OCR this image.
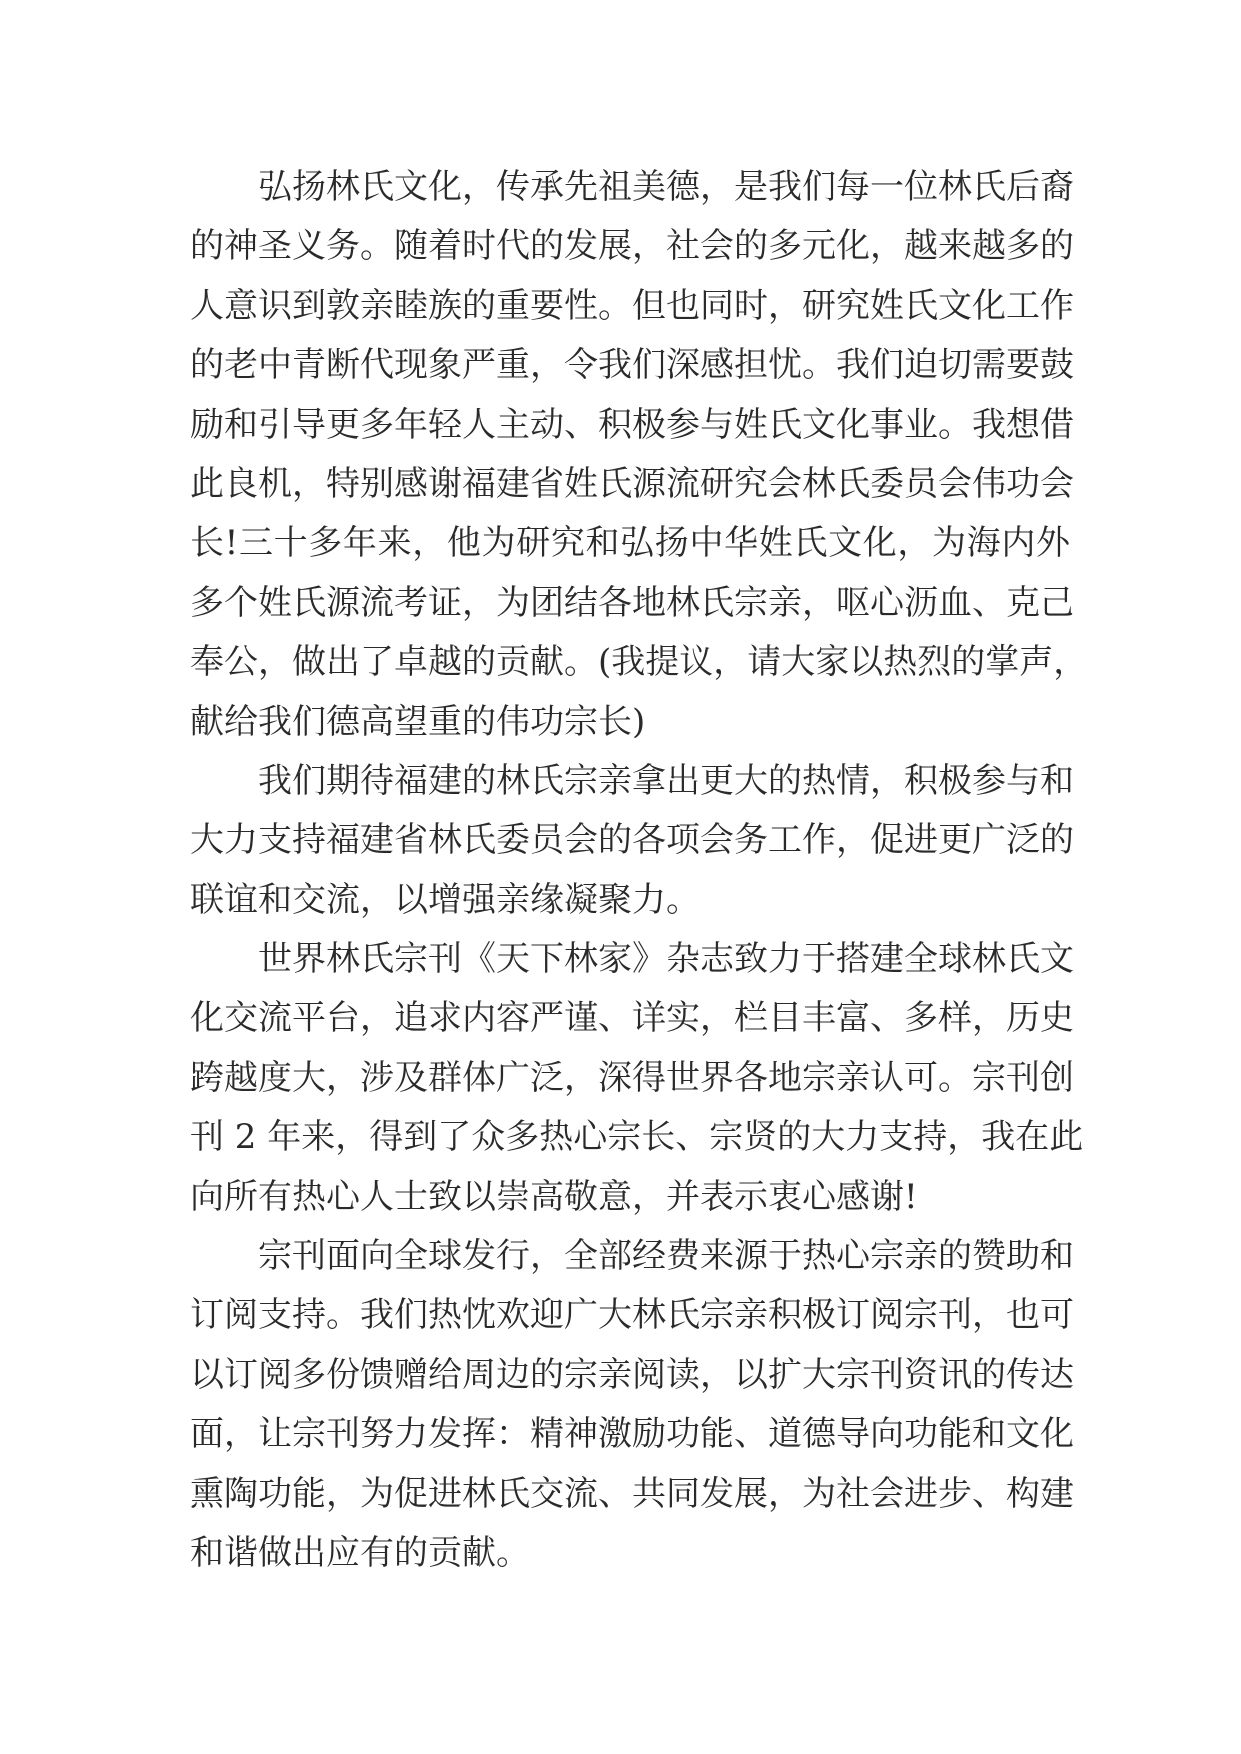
弘扬林氏文化，传承先祖美德，是我们每一位林氏后裔
的神圣义务。随着时代的发展，社会的多元化，越来越多的
人意识到敦亲睦族的重要性。但也同时，研究姓氏文化工作
的老中青断代现象严重，令我们深感担忧。我们迫切需要鼓
励和引导更多年轻人主动、积极参与姓氏文化事业。我想借
此良机，特别感谢福建省姓氏源流研究会林氏委员会伟功会
长!三十多年来，他为研究和弘扬中华姓氏文化，为海内外
多个姓氏源流考证，为团结各地林氏宗亲，呕心沥血、克己
奉公，做出了卓越的贡献。(我提议，请大家以热烈的掌声，
献给我们德高望重的伟功宗长)
我们期待福建的林氏宗亲拿出更大的热情，积极参与和
大力支持福建省林氏委员会的各项会务工作，促进更广泛的
联谊和交流，以增强亲缘凝聚力。
世界林氏宗刊《天下林家》杂志致力于搭建全球林氏文
化交流平台，追求内容严谨、详实，栏目丰富、多样，历史
跨越度大，涉及群体广泛，深得世界各地宗亲认可。宗刊创
刊 2 年来，得到了众多热心宗长、宗贤的大力支持，我在此
向所有热心人士致以崇高敬意，并表示衷心感谢!
宗刊面向全球发行，全部经费来源于热心宗亲的赞助和
订阅支持。我们热忱欢迎广大林氏宗亲积极订阅宗刊，也可
以订阅多份馈赠给周边的宗亲阅读，以扩大宗刊资讯的传达
面，让宗刊努力发挥：精神激励功能、道德导向功能和文化
熏陶功能，为促进林氏交流、共同发展，为社会进步、构建
和谐做出应有的贡献。
